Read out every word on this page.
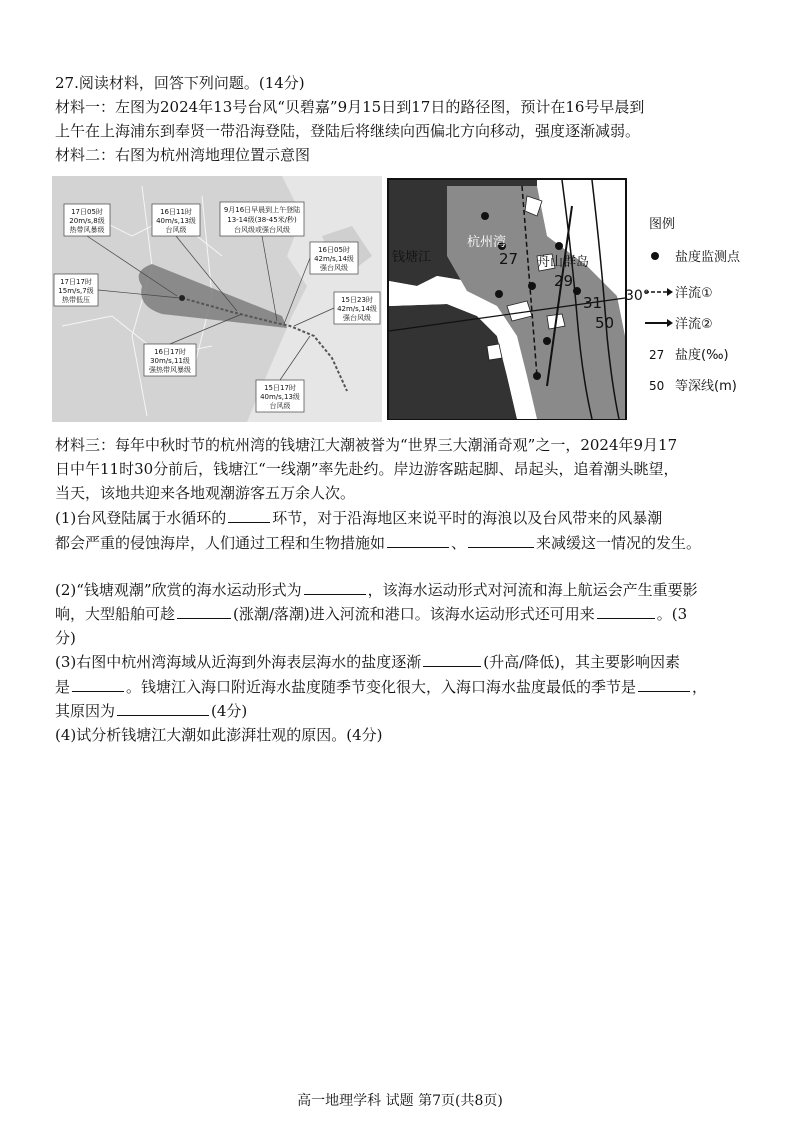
27.阅读材料，回答下列问题。(14分)
材料一：左图为2024年13号台风“贝碧嘉”9月15日到17日的路径图，预计在16号早晨到
上午在上海浦东到奉贤一带沿海登陆，登陆后将继续向西偏北方向移动，强度逐渐减弱。
材料二：右图为杭州湾地理位置示意图
17日05时
20m/s,8级
热带风暴级
16日11时
40m/s,13级
台风级
9月16日早晨到上午登陆
13-14级(38-45米/秒)
台风级或强台风级
16日05时
42m/s,14级
强台风级
17日17时
15m/s,7级
热带低压	15日23时
42m/s,14级
强台风级
16日17时
30m/s,11级
强热带风暴级
15日17时
40m/s,13级
台风级
钱塘江
杭州湾
舟山群岛
27
29
31
50
30°
图例
盐度监测点
洋流①
洋流②
27 盐度(‰)
50 等深线(m)
材料三：每年中秋时节的杭州湾的钱塘江大潮被誉为“世界三大潮涌奇观”之一，2024年9月17
日中午11时30分前后，钱塘江“一线潮”率先赴约。岸边游客踮起脚、昂起头，追着潮头眺望，
当天，该地共迎来各地观潮游客五万余人次。
(1)台风登陆属于水循环的	环节，对于沿海地区来说平时的海浪以及台风带来的风暴潮
都会严重的侵蚀海岸，人们通过工程和生物措施如	、	来减缓这一情况的发生。
(2)“钱塘观潮”欣赏的海水运动形式为	，该海水运动形式对河流和海上航运会产生重要影
响，大型船舶可趁	(涨潮/落潮)进入河流和港口。该海水运动形式还可用来	。(3
分)
(3)右图中杭州湾海域从近海到外海表层海水的盐度逐渐	(升高/降低)，其主要影响因素
是	。钱塘江入海口附近海水盐度随季节变化很大，入海口海水盐度最低的季节是	，
其原因为	(4分)
(4)试分析钱塘江大潮如此澎湃壮观的原因。(4分)
高一地理学科 试题 第7页(共8页)
